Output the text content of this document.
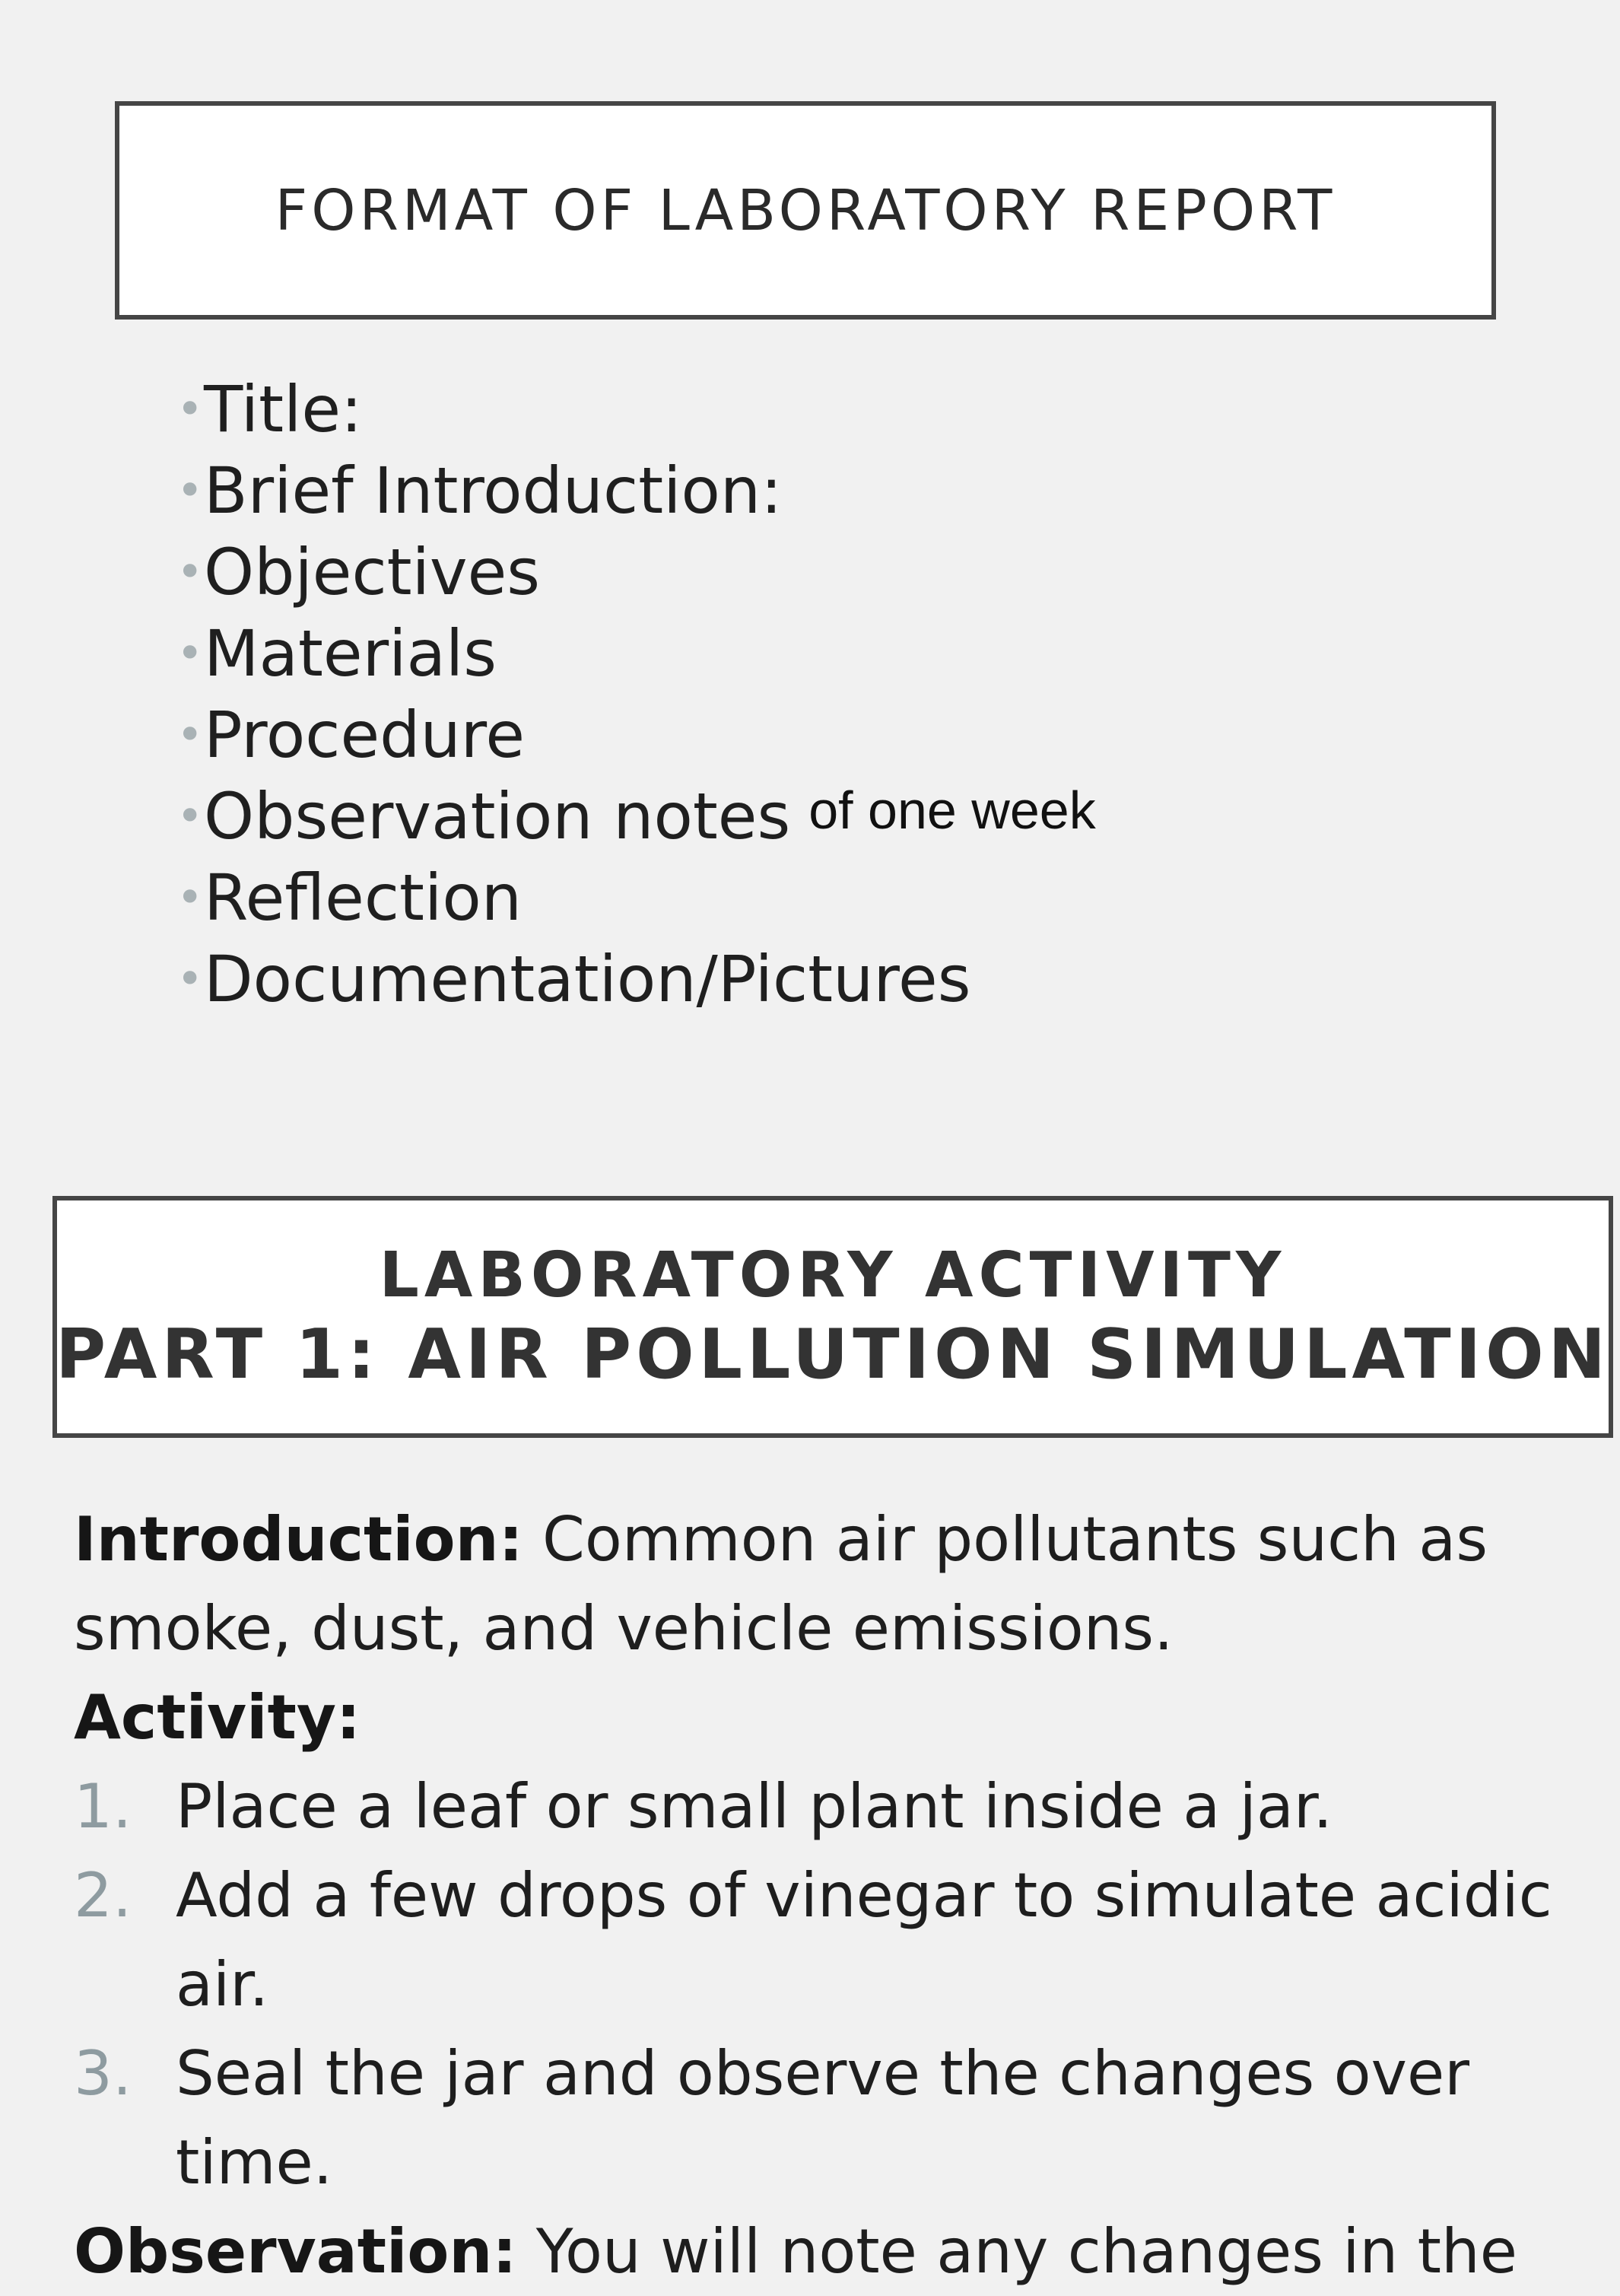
FORMAT OF LABORATORY REPORT
•Title:
•Brief Introduction:
•Objectives
•Materials
•Procedure
•Observation notes $^{of one week}$
•Reflection
•Documentation/Pictures
LABORATORY ACTIVITY
PART 1: AIR POLLUTION SIMULATION

Introduction: Common air pollutants such as smoke, dust, and vehicle emissions.

Activity:
1. Place a leaf or small plant inside a jar.
2. Add a few drops of vinegar to simulate acidic air.
3. Seal the jar and observe the changes over time.

Observation: You will note any changes in the
